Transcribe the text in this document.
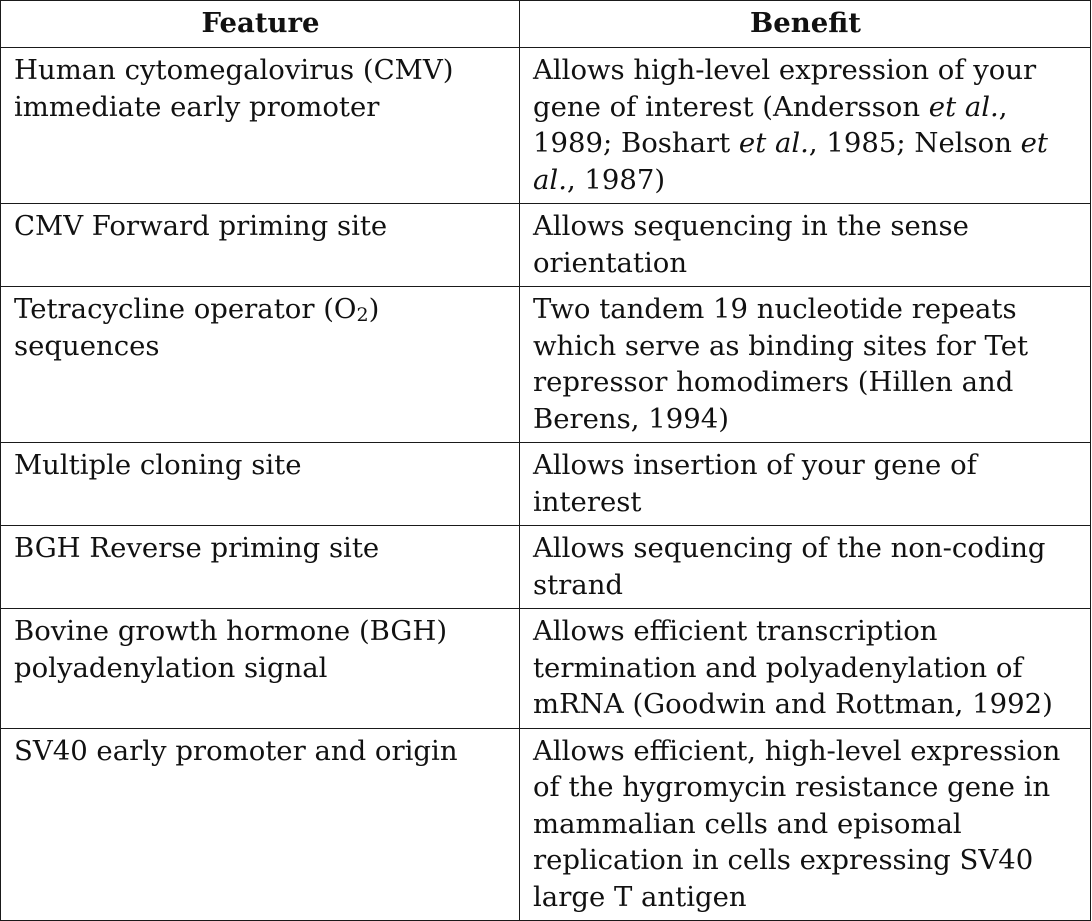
Feature	Benefit
Human cytomegalovirus (CMV) immediate early promoter	Allows high-level expression of your gene of interest (Andersson et al., 1989; Boshart et al., 1985; Nelson et al., 1987)
CMV Forward priming site	Allows sequencing in the sense orientation
Tetracycline operator (O2) sequences	Two tandem 19 nucleotide repeats which serve as binding sites for Tet repressor homodimers (Hillen and Berens, 1994)
Multiple cloning site	Allows insertion of your gene of interest
BGH Reverse priming site	Allows sequencing of the non-coding strand
Bovine growth hormone (BGH) polyadenylation signal	Allows efficient transcription termination and polyadenylation of mRNA (Goodwin and Rottman, 1992)
SV40 early promoter and origin	Allows efficient, high-level expression of the hygromycin resistance gene in mammalian cells and episomal replication in cells expressing SV40 large T antigen
